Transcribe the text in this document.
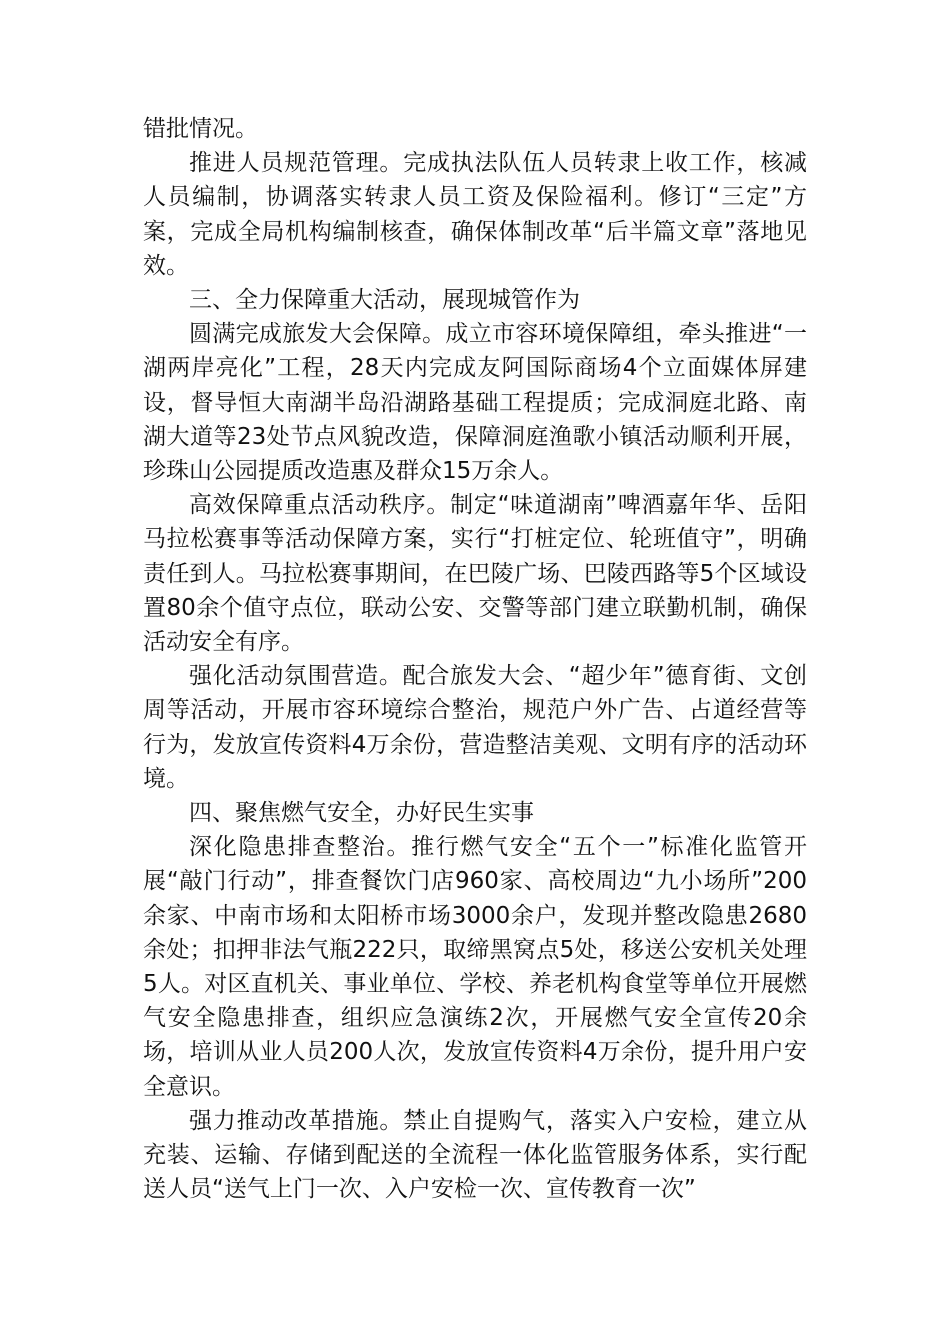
错批情况。

推进人员规范管理。完成执法队伍人员转隶上收工作，核减人员编制，协调落实转隶人员工资及保险福利。修订“三定”方案，完成全局机构编制核查，确保体制改革“后半篇文章”落地见效。

三、全力保障重大活动，展现城管作为

圆满完成旅发大会保障。成立市容环境保障组，牵头推进“一湖两岸亮化”工程，28天内完成友阿国际商场4个立面媒体屏建设，督导恒大南湖半岛沿湖路基础工程提质；完成洞庭北路、南湖大道等23处节点风貌改造，保障洞庭渔歌小镇活动顺利开展，珍珠山公园提质改造惠及群众15万余人。

高效保障重点活动秩序。制定“味道湖南”啤酒嘉年华、岳阳马拉松赛事等活动保障方案，实行“打桩定位、轮班值守”，明确责任到人。马拉松赛事期间，在巴陵广场、巴陵西路等5个区域设置80余个值守点位，联动公安、交警等部门建立联勤机制，确保活动安全有序。

强化活动氛围营造。配合旅发大会、“超少年”德育街、文创周等活动，开展市容环境综合整治，规范户外广告、占道经营等行为，发放宣传资料4万余份，营造整洁美观、文明有序的活动环境。

四、聚焦燃气安全，办好民生实事

深化隐患排查整治。推行燃气安全“五个一”标准化监管开展“敲门行动”，排查餐饮门店960家、高校周边“九小场所”200余家、中南市场和太阳桥市场3000余户，发现并整改隐患2680余处；扣押非法气瓶222只，取缔黑窝点5处，移送公安机关处理5人。对区直机关、事业单位、学校、养老机构食堂等单位开展燃气安全隐患排查，组织应急演练2次，开展燃气安全宣传20余场，培训从业人员200人次，发放宣传资料4万余份，提升用户安全意识。

强力推动改革措施。禁止自提购气，落实入户安检，建立从充装、运输、存储到配送的全流程一体化监管服务体系，实行配送人员“送气上门一次、入户安检一次、宣传教育一次”
